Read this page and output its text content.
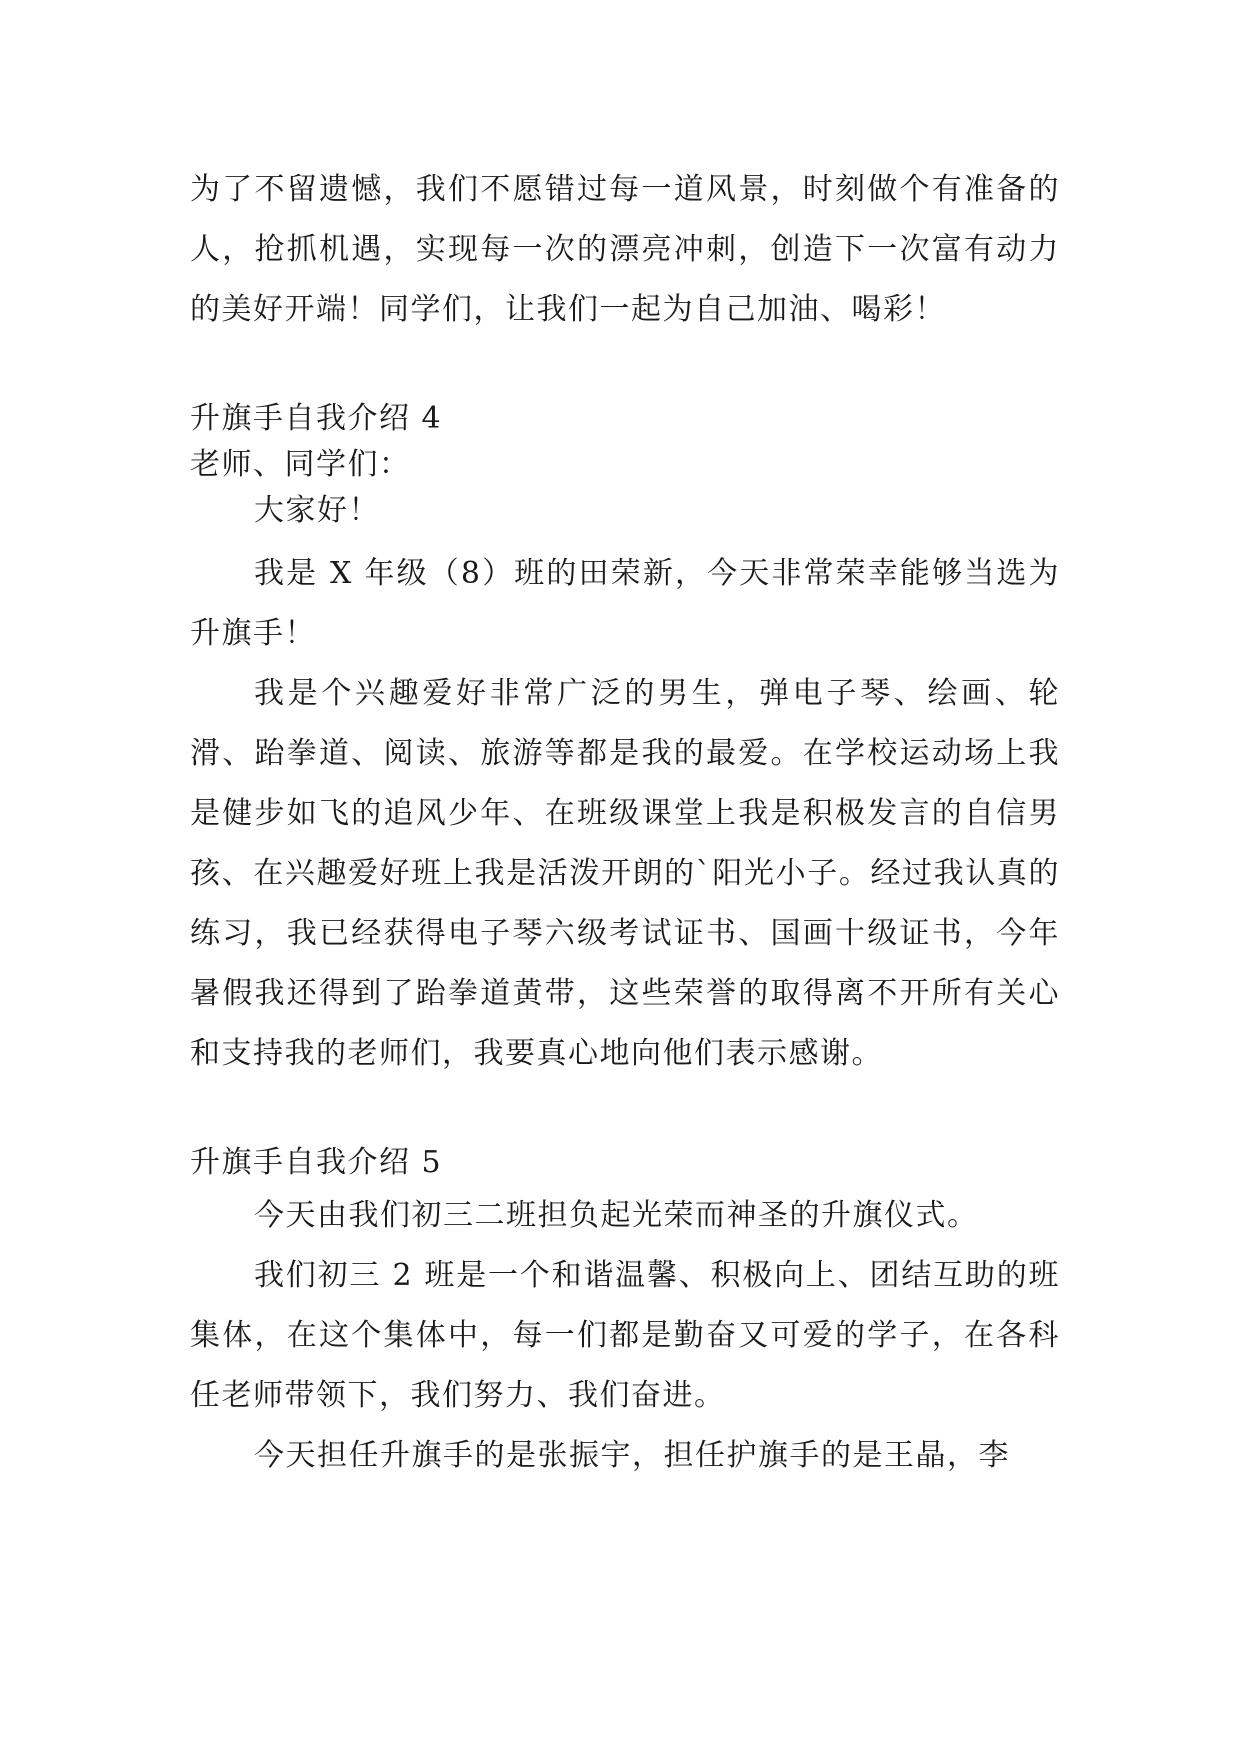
为了不留遗憾，我们不愿错过每一道风景，时刻做个有准备的人，抢抓机遇，实现每一次的漂亮冲刺，创造下一次富有动力的美好开端！同学们，让我们一起为自己加油、喝彩！

升旗手自我介绍 4

老师、同学们：

大家好！

我是 X 年级（8）班的田荣新，今天非常荣幸能够当选为升旗手！

我是个兴趣爱好非常广泛的男生，弹电子琴、绘画、轮滑、跆拳道、阅读、旅游等都是我的最爱。在学校运动场上我是健步如飞的追风少年、在班级课堂上我是积极发言的自信男孩、在兴趣爱好班上我是活泼开朗的`阳光小子。经过我认真的练习，我已经获得电子琴六级考试证书、国画十级证书，今年暑假我还得到了跆拳道黄带，这些荣誉的取得离不开所有关心和支持我的老师们，我要真心地向他们表示感谢。

升旗手自我介绍 5

今天由我们初三二班担负起光荣而神圣的升旗仪式。

我们初三 2 班是一个和谐温馨、积极向上、团结互助的班集体，在这个集体中，每一们都是勤奋又可爱的学子，在各科任老师带领下，我们努力、我们奋进。

今天担任升旗手的是张振宇，担任护旗手的是王晶，李
